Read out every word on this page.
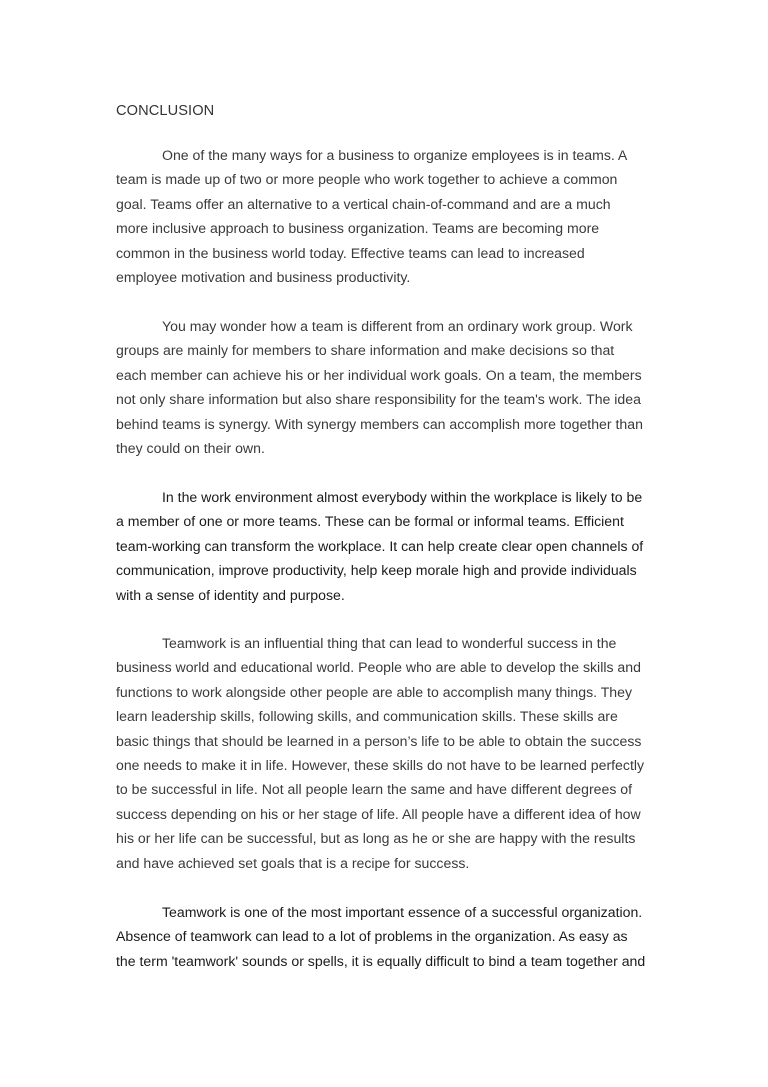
CONCLUSION
One of the many ways for a business to organize employees is in teams. A
team is made up of two or more people who work together to achieve a common
goal. Teams offer an alternative to a vertical chain-of-command and are a much
more inclusive approach to business organization. Teams are becoming more
common in the business world today. Effective teams can lead to increased
employee motivation and business productivity.
You may wonder how a team is different from an ordinary work group. Work
groups are mainly for members to share information and make decisions so that
each member can achieve his or her individual work goals. On a team, the members
not only share information but also share responsibility for the team's work. The idea
behind teams is synergy. With synergy members can accomplish more together than
they could on their own.
In the work environment almost everybody within the workplace is likely to be
a member of one or more teams. These can be formal or informal teams. Efficient
team-working can transform the workplace. It can help create clear open channels of
communication, improve productivity, help keep morale high and provide individuals
with a sense of identity and purpose.
Teamwork is an influential thing that can lead to wonderful success in the
business world and educational world. People who are able to develop the skills and
functions to work alongside other people are able to accomplish many things. They
learn leadership skills, following skills, and communication skills. These skills are
basic things that should be learned in a person’s life to be able to obtain the success
one needs to make it in life. However, these skills do not have to be learned perfectly
to be successful in life. Not all people learn the same and have different degrees of
success depending on his or her stage of life. All people have a different idea of how
his or her life can be successful, but as long as he or she are happy with the results
and have achieved set goals that is a recipe for success.
Teamwork is one of the most important essence of a successful organization.
Absence of teamwork can lead to a lot of problems in the organization. As easy as
the term 'teamwork' sounds or spells, it is equally difficult to bind a team together and
